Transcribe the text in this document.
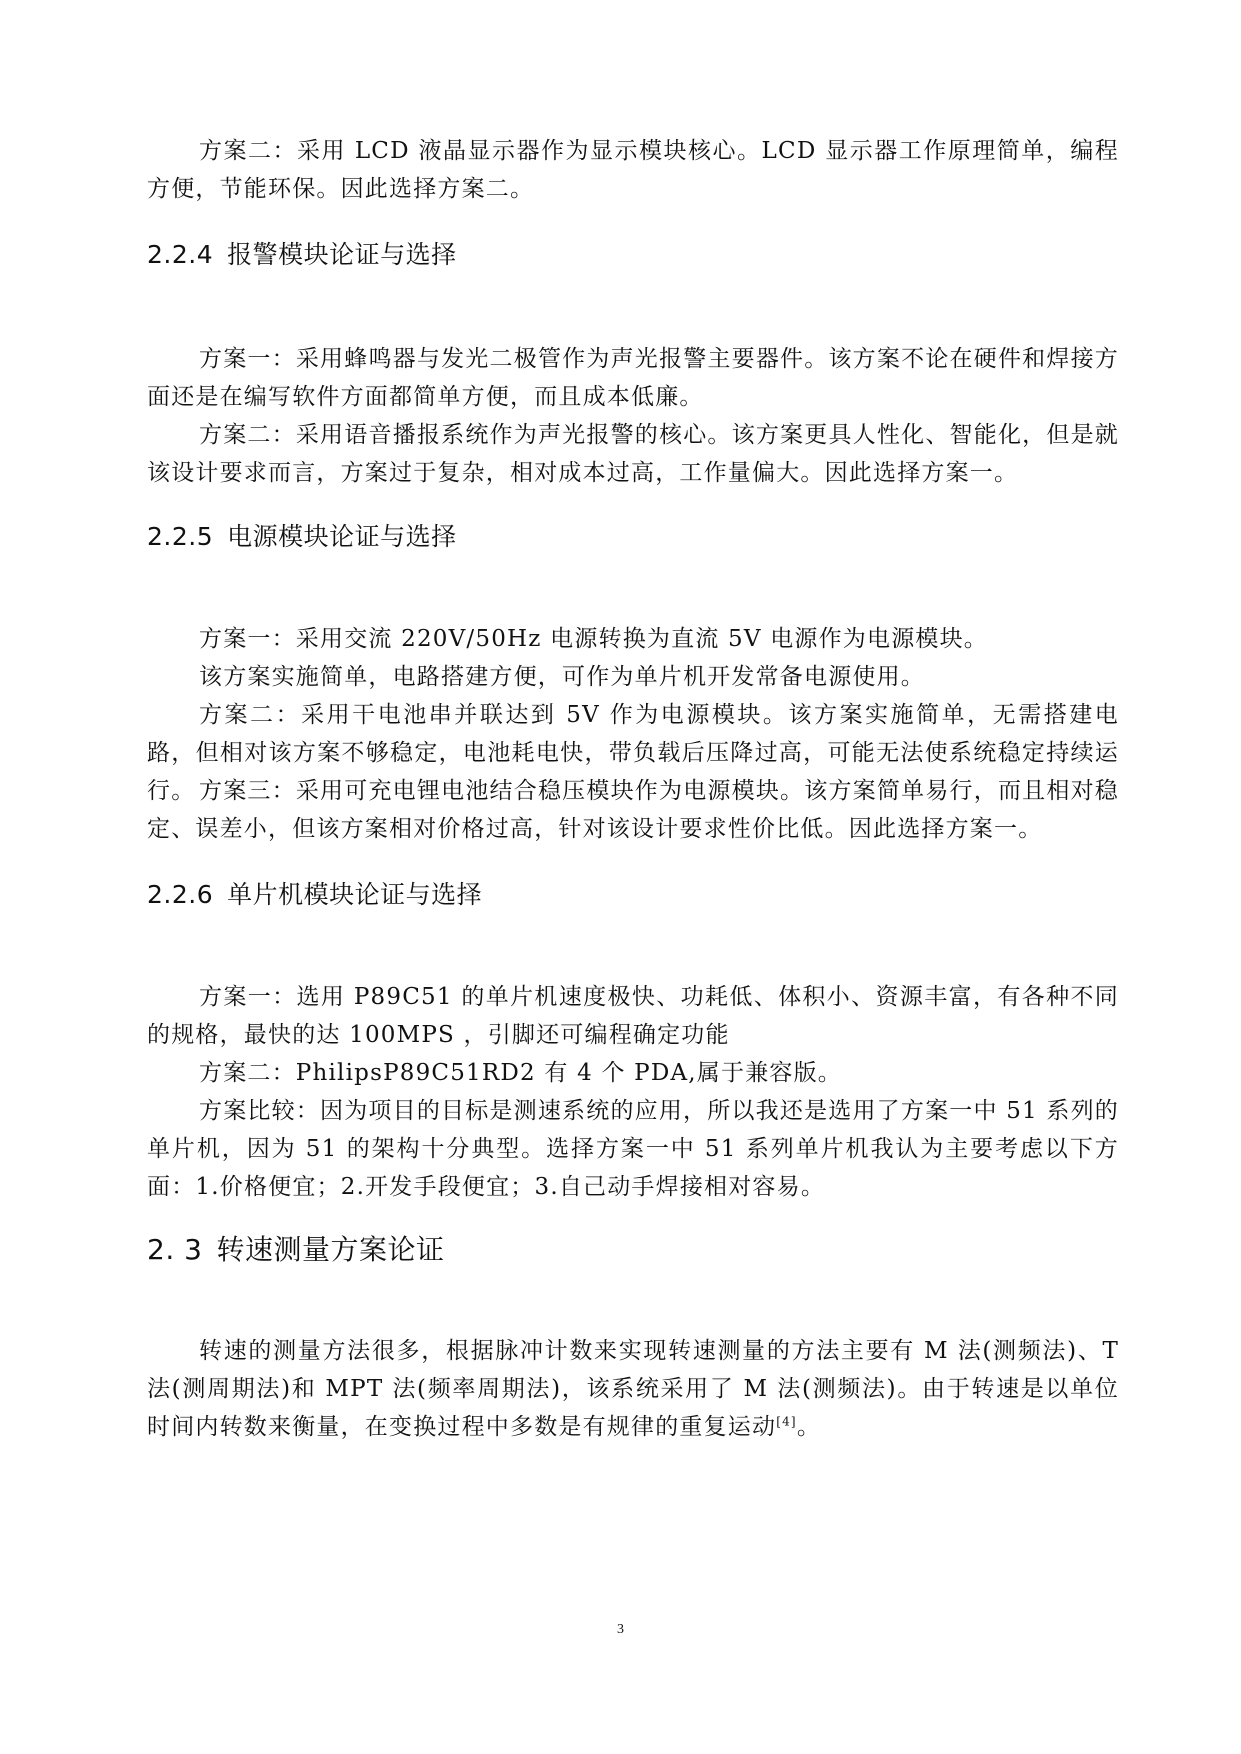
方案二：采用 LCD 液晶显示器作为显示模块核心。LCD 显示器工作原理简单，编程方便，节能环保。因此选择方案二。

2.2.4 报警模块论证与选择

方案一：采用蜂鸣器与发光二极管作为声光报警主要器件。该方案不论在硬件和焊接方面还是在编写软件方面都简单方便，而且成本低廉。

方案二：采用语音播报系统作为声光报警的核心。该方案更具人性化、智能化，但是就该设计要求而言，方案过于复杂，相对成本过高，工作量偏大。因此选择方案一。

2.2.5 电源模块论证与选择

方案一：采用交流 220V/50Hz 电源转换为直流 5V 电源作为电源模块。

该方案实施简单，电路搭建方便，可作为单片机开发常备电源使用。

方案二：采用干电池串并联达到 5V 作为电源模块。该方案实施简单，无需搭建电路，但相对该方案不够稳定，电池耗电快，带负载后压降过高，可能无法使系统稳定持续运行。 方案三：采用可充电锂电池结合稳压模块作为电源模块。该方案简单易行，而且相对稳定、误差小，但该方案相对价格过高，针对该设计要求性价比低。因此选择方案一。

2.2.6 单片机模块论证与选择

方案一：选用 P89C51 的单片机速度极快、功耗低、体积小、资源丰富，有各种不同的规格，最快的达 100MPS ，引脚还可编程确定功能

方案二：PhilipsP89C51RD2 有 4 个 PDA,属于兼容版。

方案比较：因为项目的目标是测速系统的应用，所以我还是选用了方案一中 51 系列的单片机，因为 51 的架构十分典型。选择方案一中 51 系列单片机我认为主要考虑以下方面：1.价格便宜；2.开发手段便宜；3.自己动手焊接相对容易。

2. 3 转速测量方案论证

转速的测量方法很多，根据脉冲计数来实现转速测量的方法主要有 M 法(测频法)、T 法(测周期法)和 MPT 法(频率周期法)，该系统采用了 M 法(测频法)。由于转速是以单位时间内转数来衡量，在变换过程中多数是有规律的重复运动[4]。

3
